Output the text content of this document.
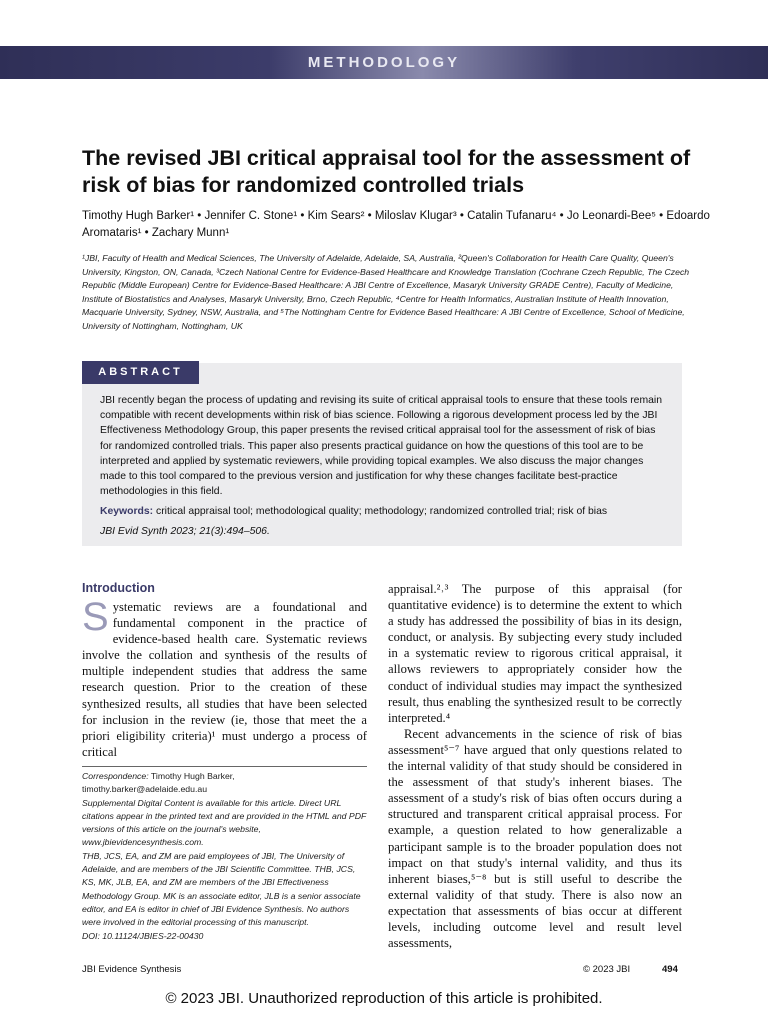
METHODOLOGY
The revised JBI critical appraisal tool for the assessment of risk of bias for randomized controlled trials
Timothy Hugh Barker¹ • Jennifer C. Stone¹ • Kim Sears² • Miloslav Klugar³ • Catalin Tufanaru⁴ • Jo Leonardi-Bee⁵ • Edoardo Aromataris¹ • Zachary Munn¹
¹JBI, Faculty of Health and Medical Sciences, The University of Adelaide, Adelaide, SA, Australia, ²Queen's Collaboration for Health Care Quality, Queen's University, Kingston, ON, Canada, ³Czech National Centre for Evidence-Based Healthcare and Knowledge Translation (Cochrane Czech Republic, The Czech Republic (Middle European) Centre for Evidence-Based Healthcare: A JBI Centre of Excellence, Masaryk University GRADE Centre), Faculty of Medicine, Institute of Biostatistics and Analyses, Masaryk University, Brno, Czech Republic, ⁴Centre for Health Informatics, Australian Institute of Health Innovation, Macquarie University, Sydney, NSW, Australia, and ⁵The Nottingham Centre for Evidence Based Healthcare: A JBI Centre of Excellence, School of Medicine, University of Nottingham, Nottingham, UK
ABSTRACT
JBI recently began the process of updating and revising its suite of critical appraisal tools to ensure that these tools remain compatible with recent developments within risk of bias science. Following a rigorous development process led by the JBI Effectiveness Methodology Group, this paper presents the revised critical appraisal tool for the assessment of risk of bias for randomized controlled trials. This paper also presents practical guidance on how the questions of this tool are to be interpreted and applied by systematic reviewers, while providing topical examples. We also discuss the major changes made to this tool compared to the previous version and justification for why these changes facilitate best-practice methodologies in this field.
Keywords: critical appraisal tool; methodological quality; methodology; randomized controlled trial; risk of bias
JBI Evid Synth 2023; 21(3):494–506.
Introduction
Systematic reviews are a foundational and fundamental component in the practice of evidence-based health care. Systematic reviews involve the collation and synthesis of the results of multiple independent studies that address the same research question. Prior to the creation of these synthesized results, all studies that have been selected for inclusion in the review (ie, those that meet the a priori eligibility criteria)¹ must undergo a process of critical
appraisal.²˒³ The purpose of this appraisal (for quantitative evidence) is to determine the extent to which a study has addressed the possibility of bias in its design, conduct, or analysis. By subjecting every study included in a systematic review to rigorous critical appraisal, it allows reviewers to appropriately consider how the conduct of individual studies may impact the synthesized result, thus enabling the synthesized result to be correctly interpreted.⁴
Recent advancements in the science of risk of bias assessment⁵⁻⁷ have argued that only questions related to the internal validity of that study should be considered in the assessment of that study's inherent biases. The assessment of a study's risk of bias often occurs during a structured and transparent critical appraisal process. For example, a question related to how generalizable a participant sample is to the broader population does not impact on that study's internal validity, and thus its inherent biases,⁵⁻⁸ but is still useful to describe the external validity of that study. There is also now an expectation that assessments of bias occur at different levels, including outcome level and result level assessments,
Correspondence: Timothy Hugh Barker,
timothy.barker@adelaide.edu.au
Supplemental Digital Content is available for this article. Direct URL citations appear in the printed text and are provided in the HTML and PDF versions of this article on the journal's website, www.jbievidencesynthesis.com.
THB, JCS, EA, and ZM are paid employees of JBI, The University of Adelaide, and are members of the JBI Scientific Committee. THB, JCS, KS, MK, JLB, EA, and ZM are members of the JBI Effectiveness Methodology Group. MK is an associate editor, JLB is a senior associate editor, and EA is editor in chief of JBI Evidence Synthesis. No authors were involved in the editorial processing of this manuscript.
DOI: 10.11124/JBIES-22-00430
JBI Evidence Synthesis	© 2023 JBI	494
© 2023 JBI. Unauthorized reproduction of this article is prohibited.
